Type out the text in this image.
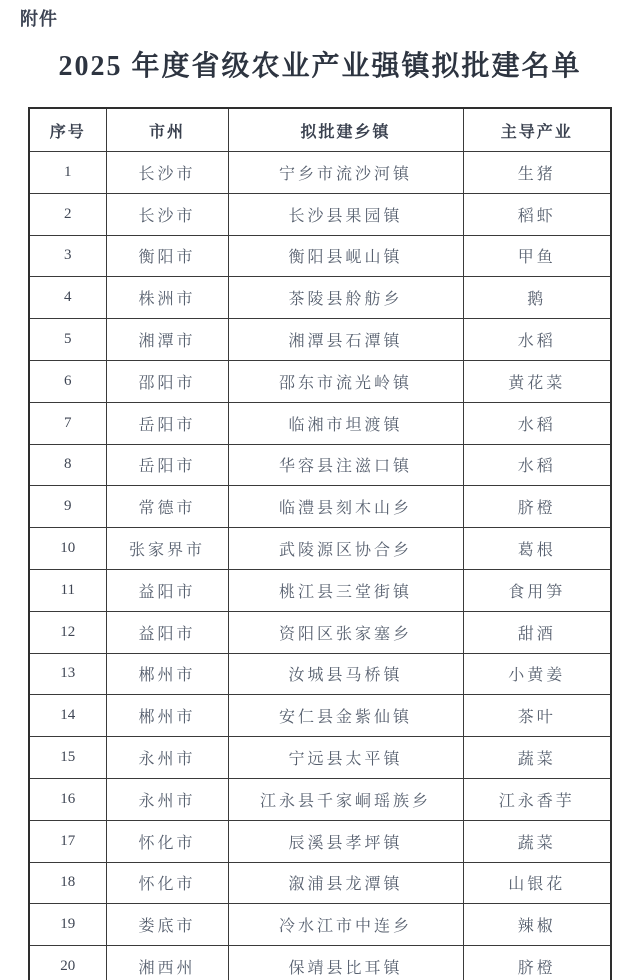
附件
2025 年度省级农业产业强镇拟批建名单
序号	市州	拟批建乡镇	主导产业
1	长沙市	宁乡市流沙河镇	生猪
2	长沙市	长沙县果园镇	稻虾
3	衡阳市	衡阳县岘山镇	甲鱼
4	株洲市	茶陵县舲舫乡	鹅
5	湘潭市	湘潭县石潭镇	水稻
6	邵阳市	邵东市流光岭镇	黄花菜
7	岳阳市	临湘市坦渡镇	水稻
8	岳阳市	华容县注滋口镇	水稻
9	常德市	临澧县刻木山乡	脐橙
10	张家界市	武陵源区协合乡	葛根
11	益阳市	桃江县三堂街镇	食用笋
12	益阳市	资阳区张家塞乡	甜酒
13	郴州市	汝城县马桥镇	小黄姜
14	郴州市	安仁县金紫仙镇	茶叶
15	永州市	宁远县太平镇	蔬菜
16	永州市	江永县千家峒瑶族乡	江永香芋
17	怀化市	辰溪县孝坪镇	蔬菜
18	怀化市	溆浦县龙潭镇	山银花
19	娄底市	冷水江市中连乡	辣椒
20	湘西州	保靖县比耳镇	脐橙
